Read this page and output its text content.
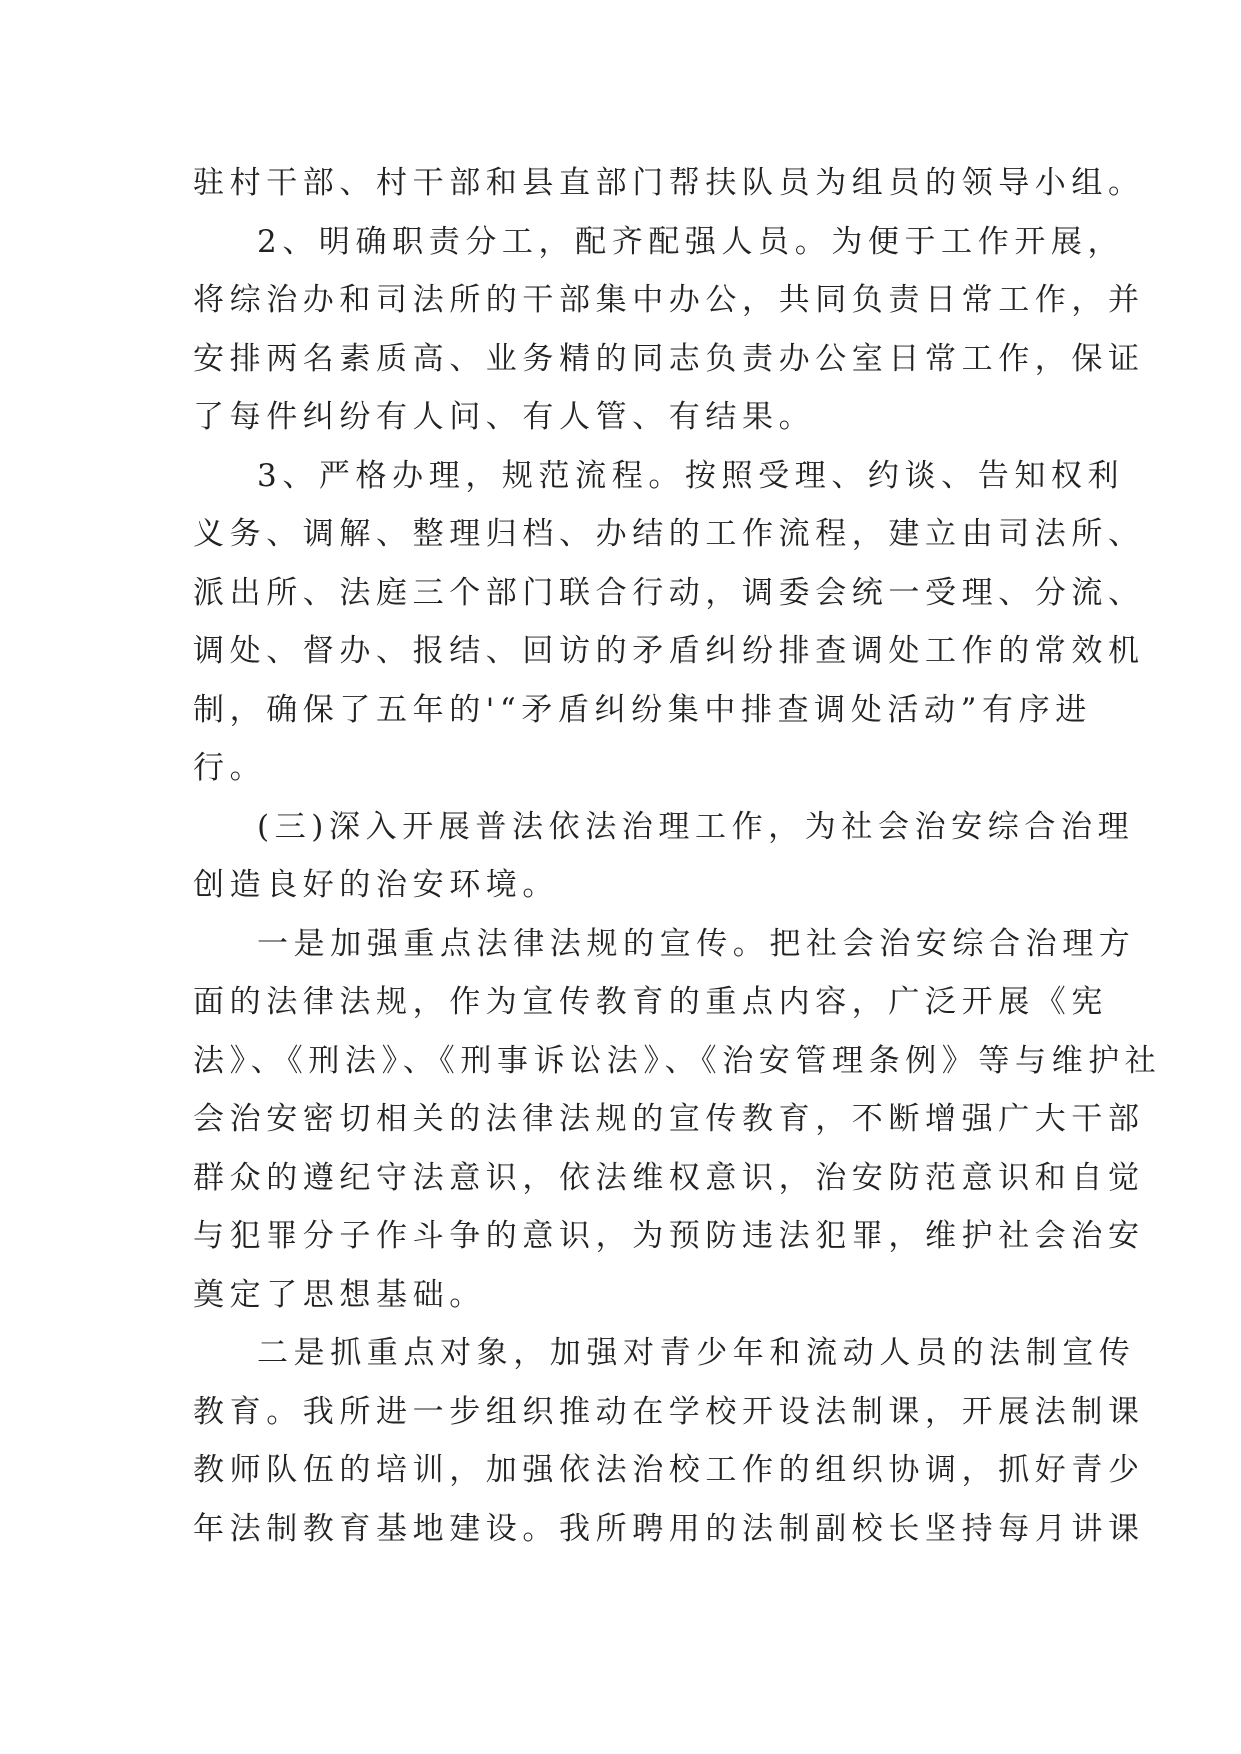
驻村干部、村干部和县直部门帮扶队员为组员的领导小组。
2、明确职责分工，配齐配强人员。为便于工作开展，
将综治办和司法所的干部集中办公，共同负责日常工作，并
安排两名素质高、业务精的同志负责办公室日常工作，保证
了每件纠纷有人问、有人管、有结果。
3、严格办理，规范流程。按照受理、约谈、告知权利
义务、调解、整理归档、办结的工作流程，建立由司法所、
派出所、法庭三个部门联合行动，调委会统一受理、分流、
调处、督办、报结、回访的矛盾纠纷排查调处工作的常效机
制，确保了五年的'“矛盾纠纷集中排查调处活动”有序进
行。
(三)深入开展普法依法治理工作，为社会治安综合治理
创造良好的治安环境。
一是加强重点法律法规的宣传。把社会治安综合治理方
面的法律法规，作为宣传教育的重点内容，广泛开展《宪
法》、《刑法》、《刑事诉讼法》、《治安管理条例》等与维护社
会治安密切相关的法律法规的宣传教育，不断增强广大干部
群众的遵纪守法意识，依法维权意识，治安防范意识和自觉
与犯罪分子作斗争的意识，为预防违法犯罪，维护社会治安
奠定了思想基础。
二是抓重点对象，加强对青少年和流动人员的法制宣传
教育。我所进一步组织推动在学校开设法制课，开展法制课
教师队伍的培训，加强依法治校工作的组织协调，抓好青少
年法制教育基地建设。我所聘用的法制副校长坚持每月讲课
